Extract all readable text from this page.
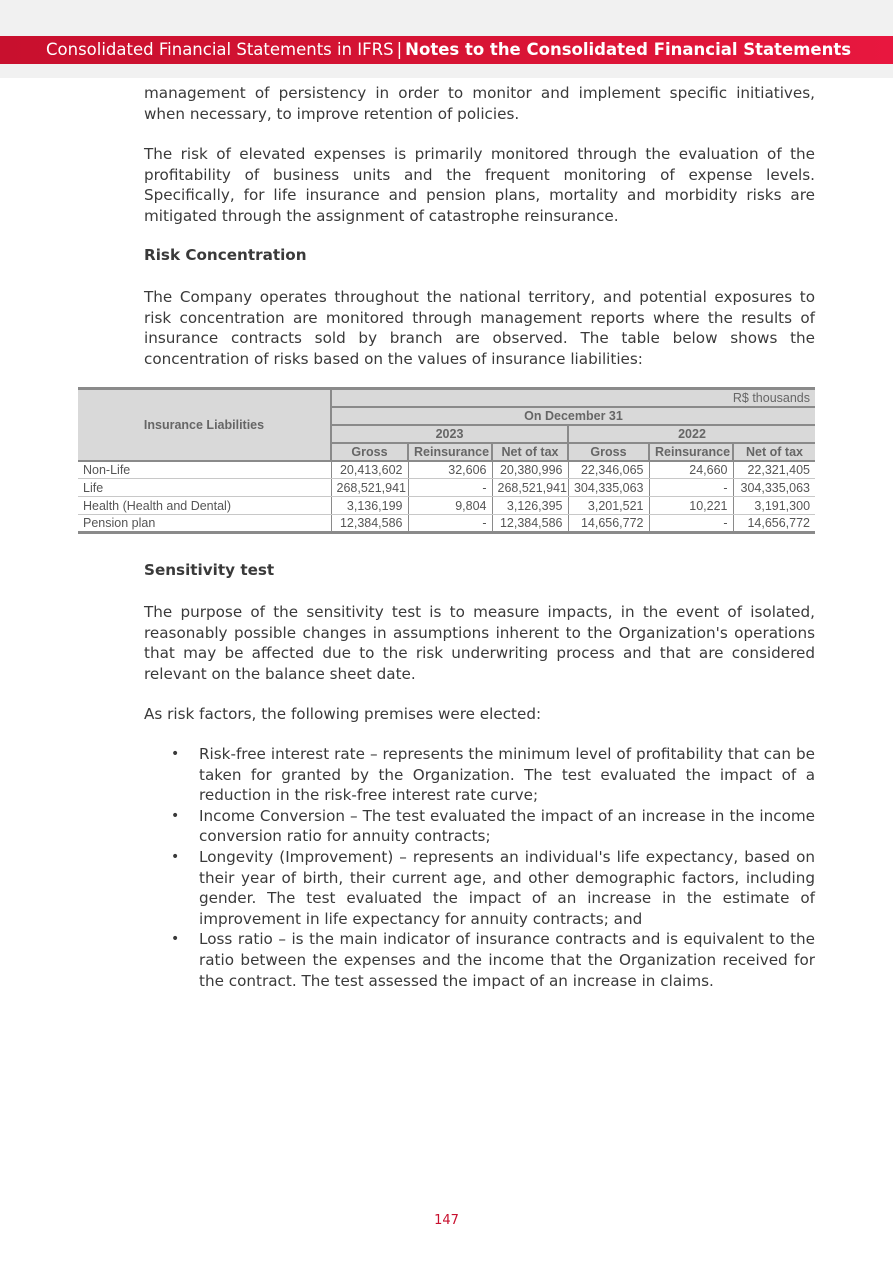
Consolidated Financial Statements in IFRS | Notes to the Consolidated Financial Statements

management of persistency in order to monitor and implement specific initiatives, when necessary, to improve retention of policies.

The risk of elevated expenses is primarily monitored through the evaluation of the profitability of business units and the frequent monitoring of expense levels. Specifically, for life insurance and pension plans, mortality and morbidity risks are mitigated through the assignment of catastrophe reinsurance.

Risk Concentration

The Company operates throughout the national territory, and potential exposures to risk concentration are monitored through management reports where the results of insurance contracts sold by branch are observed. The table below shows the concentration of risks based on the values of insurance liabilities:

Insurance Liabilities	R$ thousands					
	On December 31					
	2023			2022		
	Gross	Reinsurance	Net of tax	Gross	Reinsurance	Net of tax
Non-Life	20,413,602	32,606	20,380,996	22,346,065	24,660	22,321,405
Life	268,521,941	-	268,521,941	304,335,063	-	304,335,063
Health (Health and Dental)	3,136,199	9,804	3,126,395	3,201,521	10,221	3,191,300
Pension plan	12,384,586	-	12,384,586	14,656,772	-	14,656,772
Sensitivity test

The purpose of the sensitivity test is to measure impacts, in the event of isolated, reasonably possible changes in assumptions inherent to the Organization's operations that may be affected due to the risk underwriting process and that are considered relevant on the balance sheet date.

As risk factors, the following premises were elected:

• Risk-free interest rate – represents the minimum level of profitability that can be taken for granted by the Organization. The test evaluated the impact of a reduction in the risk-free interest rate curve;
• Income Conversion – The test evaluated the impact of an increase in the income conversion ratio for annuity contracts;
• Longevity (Improvement) – represents an individual's life expectancy, based on their year of birth, their current age, and other demographic factors, including gender. The test evaluated the impact of an increase in the estimate of improvement in life expectancy for annuity contracts; and
• Loss ratio – is the main indicator of insurance contracts and is equivalent to the ratio between the expenses and the income that the Organization received for the contract. The test assessed the impact of an increase in claims.
147
